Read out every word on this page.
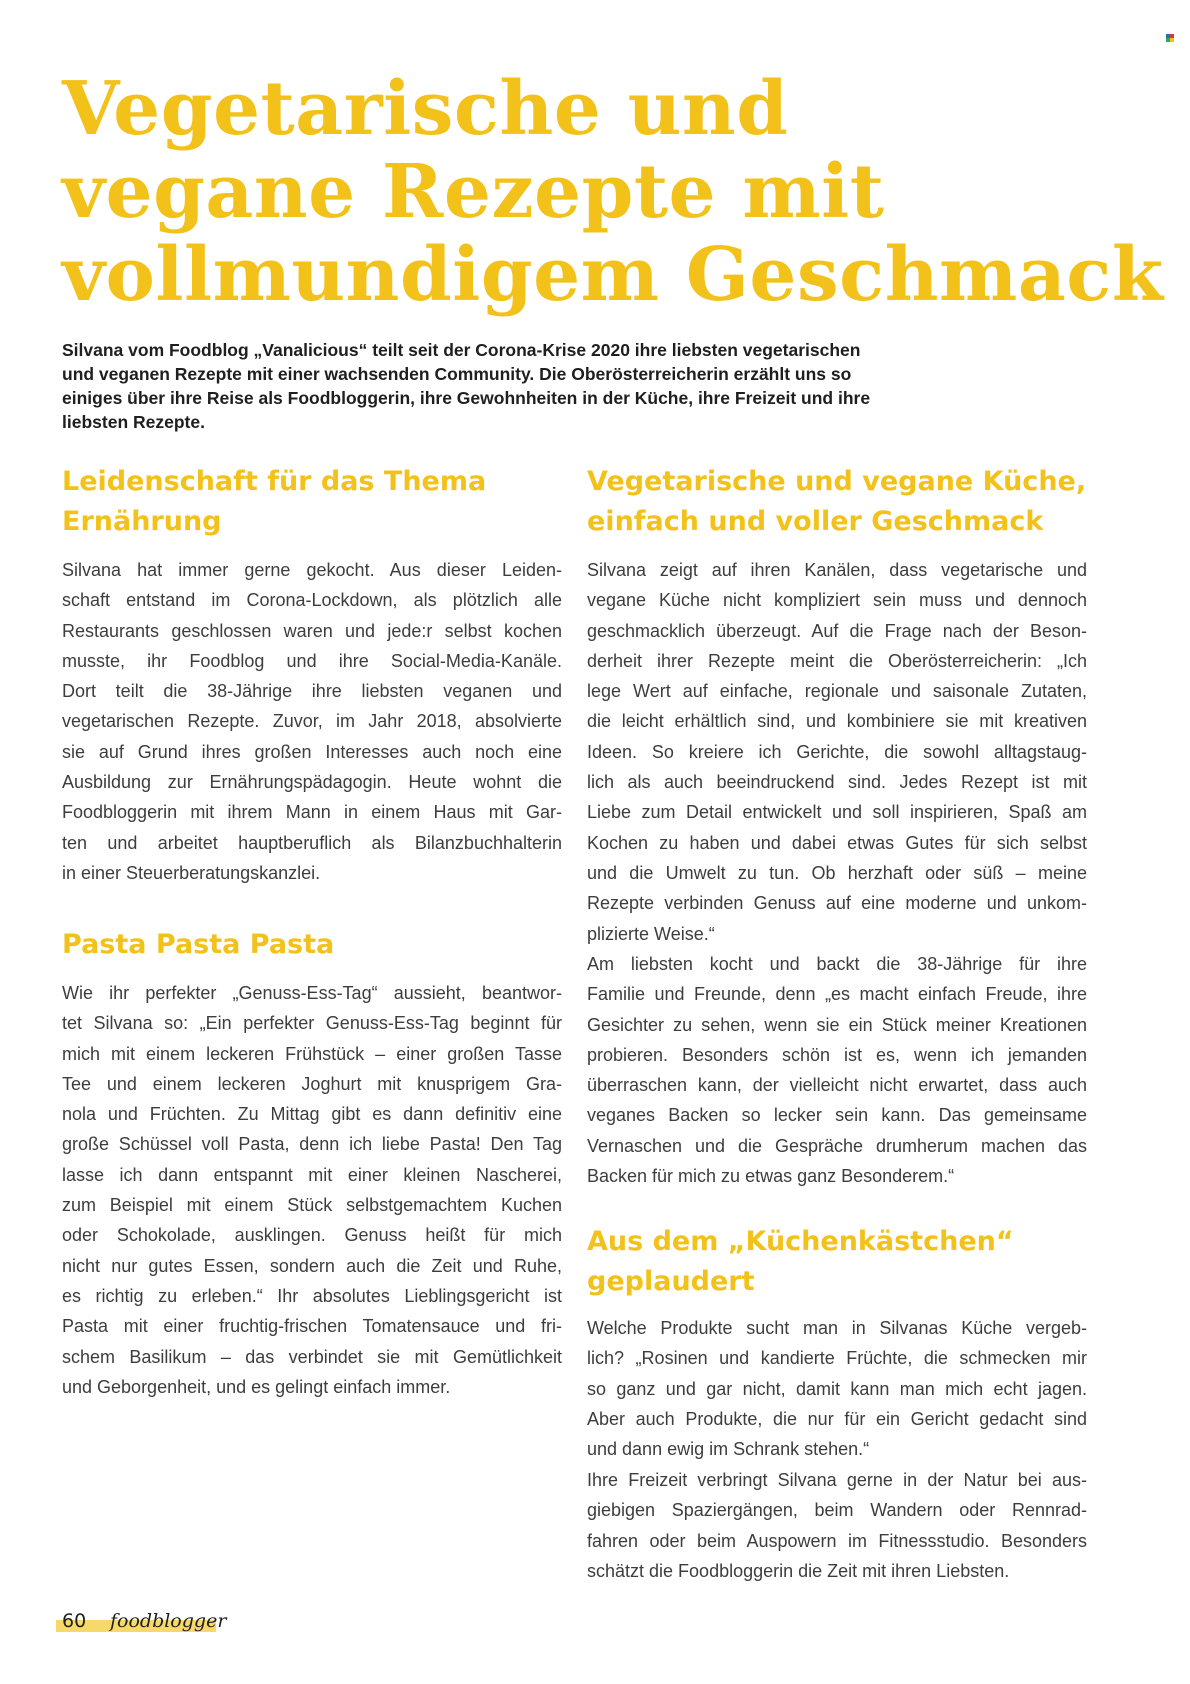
Vegetarische und
vegane Rezepte mit
vollmundigem Geschmack

Silvana vom Foodblog „Vanalicious“ teilt seit der Corona-Krise 2020 ihre liebsten vegetarischen
und veganen Rezepte mit einer wachsenden Community. Die Oberösterreicherin erzählt uns so
einiges über ihre Reise als Foodbloggerin, ihre Gewohnheiten in der Küche, ihre Freizeit und ihre
liebsten Rezepte.

Leidenschaft für das Thema
Ernährung

Silvana hat immer gerne gekocht. Aus dieser Leiden-
schaft entstand im Corona-Lockdown, als plötzlich alle
Restaurants geschlossen waren und jede:r selbst kochen
musste, ihr Foodblog und ihre Social-Media-Kanäle.
Dort teilt die 38-Jährige ihre liebsten veganen und
vegetarischen Rezepte. Zuvor, im Jahr 2018, absolvierte
sie auf Grund ihres großen Interesses auch noch eine
Ausbildung zur Ernährungspädagogin. Heute wohnt die
Foodbloggerin mit ihrem Mann in einem Haus mit Gar-
ten und arbeitet hauptberuflich als Bilanzbuchhalterin
in einer Steuerberatungskanzlei.

Pasta Pasta Pasta

Wie ihr perfekter „Genuss-Ess-Tag“ aussieht, beantwor-
tet Silvana so: „Ein perfekter Genuss-Ess-Tag beginnt für
mich mit einem leckeren Frühstück – einer großen Tasse
Tee und einem leckeren Joghurt mit knusprigem Gra-
nola und Früchten. Zu Mittag gibt es dann definitiv eine
große Schüssel voll Pasta, denn ich liebe Pasta! Den Tag
lasse ich dann entspannt mit einer kleinen Nascherei,
zum Beispiel mit einem Stück selbstgemachtem Kuchen
oder Schokolade, ausklingen. Genuss heißt für mich
nicht nur gutes Essen, sondern auch die Zeit und Ruhe,
es richtig zu erleben.“ Ihr absolutes Lieblingsgericht ist
Pasta mit einer fruchtig-frischen Tomatensauce und fri-
schem Basilikum – das verbindet sie mit Gemütlichkeit
und Geborgenheit, und es gelingt einfach immer.

Vegetarische und vegane Küche,
einfach und voller Geschmack

Silvana zeigt auf ihren Kanälen, dass vegetarische und
vegane Küche nicht kompliziert sein muss und dennoch
geschmacklich überzeugt. Auf die Frage nach der Beson-
derheit ihrer Rezepte meint die Oberösterreicherin: „Ich
lege Wert auf einfache, regionale und saisonale Zutaten,
die leicht erhältlich sind, und kombiniere sie mit kreativen
Ideen. So kreiere ich Gerichte, die sowohl alltagstaug-
lich als auch beeindruckend sind. Jedes Rezept ist mit
Liebe zum Detail entwickelt und soll inspirieren, Spaß am
Kochen zu haben und dabei etwas Gutes für sich selbst
und die Umwelt zu tun. Ob herzhaft oder süß – meine
Rezepte verbinden Genuss auf eine moderne und unkom-
plizierte Weise.“

Am liebsten kocht und backt die 38-Jährige für ihre
Familie und Freunde, denn „es macht einfach Freude, ihre
Gesichter zu sehen, wenn sie ein Stück meiner Kreationen
probieren. Besonders schön ist es, wenn ich jemanden
überraschen kann, der vielleicht nicht erwartet, dass auch
veganes Backen so lecker sein kann. Das gemeinsame
Vernaschen und die Gespräche drumherum machen das
Backen für mich zu etwas ganz Besonderem.“

Aus dem „Küchenkästchen“
geplaudert

Welche Produkte sucht man in Silvanas Küche vergeb-
lich? „Rosinen und kandierte Früchte, die schmecken mir
so ganz und gar nicht, damit kann man mich echt jagen.
Aber auch Produkte, die nur für ein Gericht gedacht sind
und dann ewig im Schrank stehen.“

Ihre Freizeit verbringt Silvana gerne in der Natur bei aus-
giebigen Spaziergängen, beim Wandern oder Rennrad-
fahren oder beim Auspowern im Fitnessstudio. Besonders
schätzt die Foodbloggerin die Zeit mit ihren Liebsten.

60 foodblogger
